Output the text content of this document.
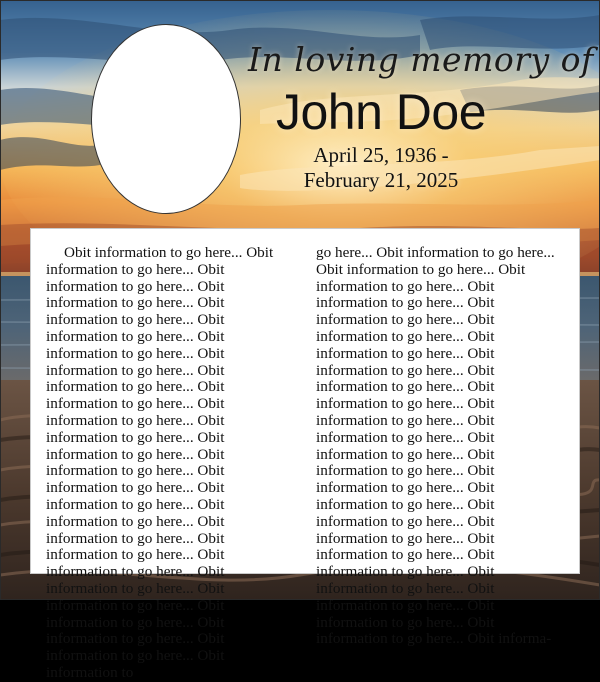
In loving memory of
John Doe
April 25, 1936 -
February 21, 2025
Obit information to go here... Obit information to go here... Obit information to go here... Obit information to go here... Obit information to go here... Obit information to go here... Obit information to go here... Obit information to go here... Obit information to go here... Obit information to go here... Obit information to go here... Obit information to go here... Obit information to go here... Obit information to go here... Obit information to go here... Obit information to go here... Obit information to go here... Obit information to go here... Obit information to go here... Obit information to go here... Obit information to go here... Obit information to go here... Obit information to go here... Obit information to go here... Obit information to go here... Obit information to
go here... Obit information to go here... Obit information to go here... Obit information to go here... Obit information to go here... Obit information to go here... Obit information to go here... Obit information to go here... Obit information to go here... Obit information to go here... Obit information to go here... Obit information to go here... Obit information to go here... Obit information to go here... Obit information to go here... Obit information to go here... Obit information to go here... Obit information to go here... Obit information to go here... Obit information to go here... Obit information to go here... Obit information to go here... Obit information to go here... Obit information to go here... Obit information to go here... Obit informa-
